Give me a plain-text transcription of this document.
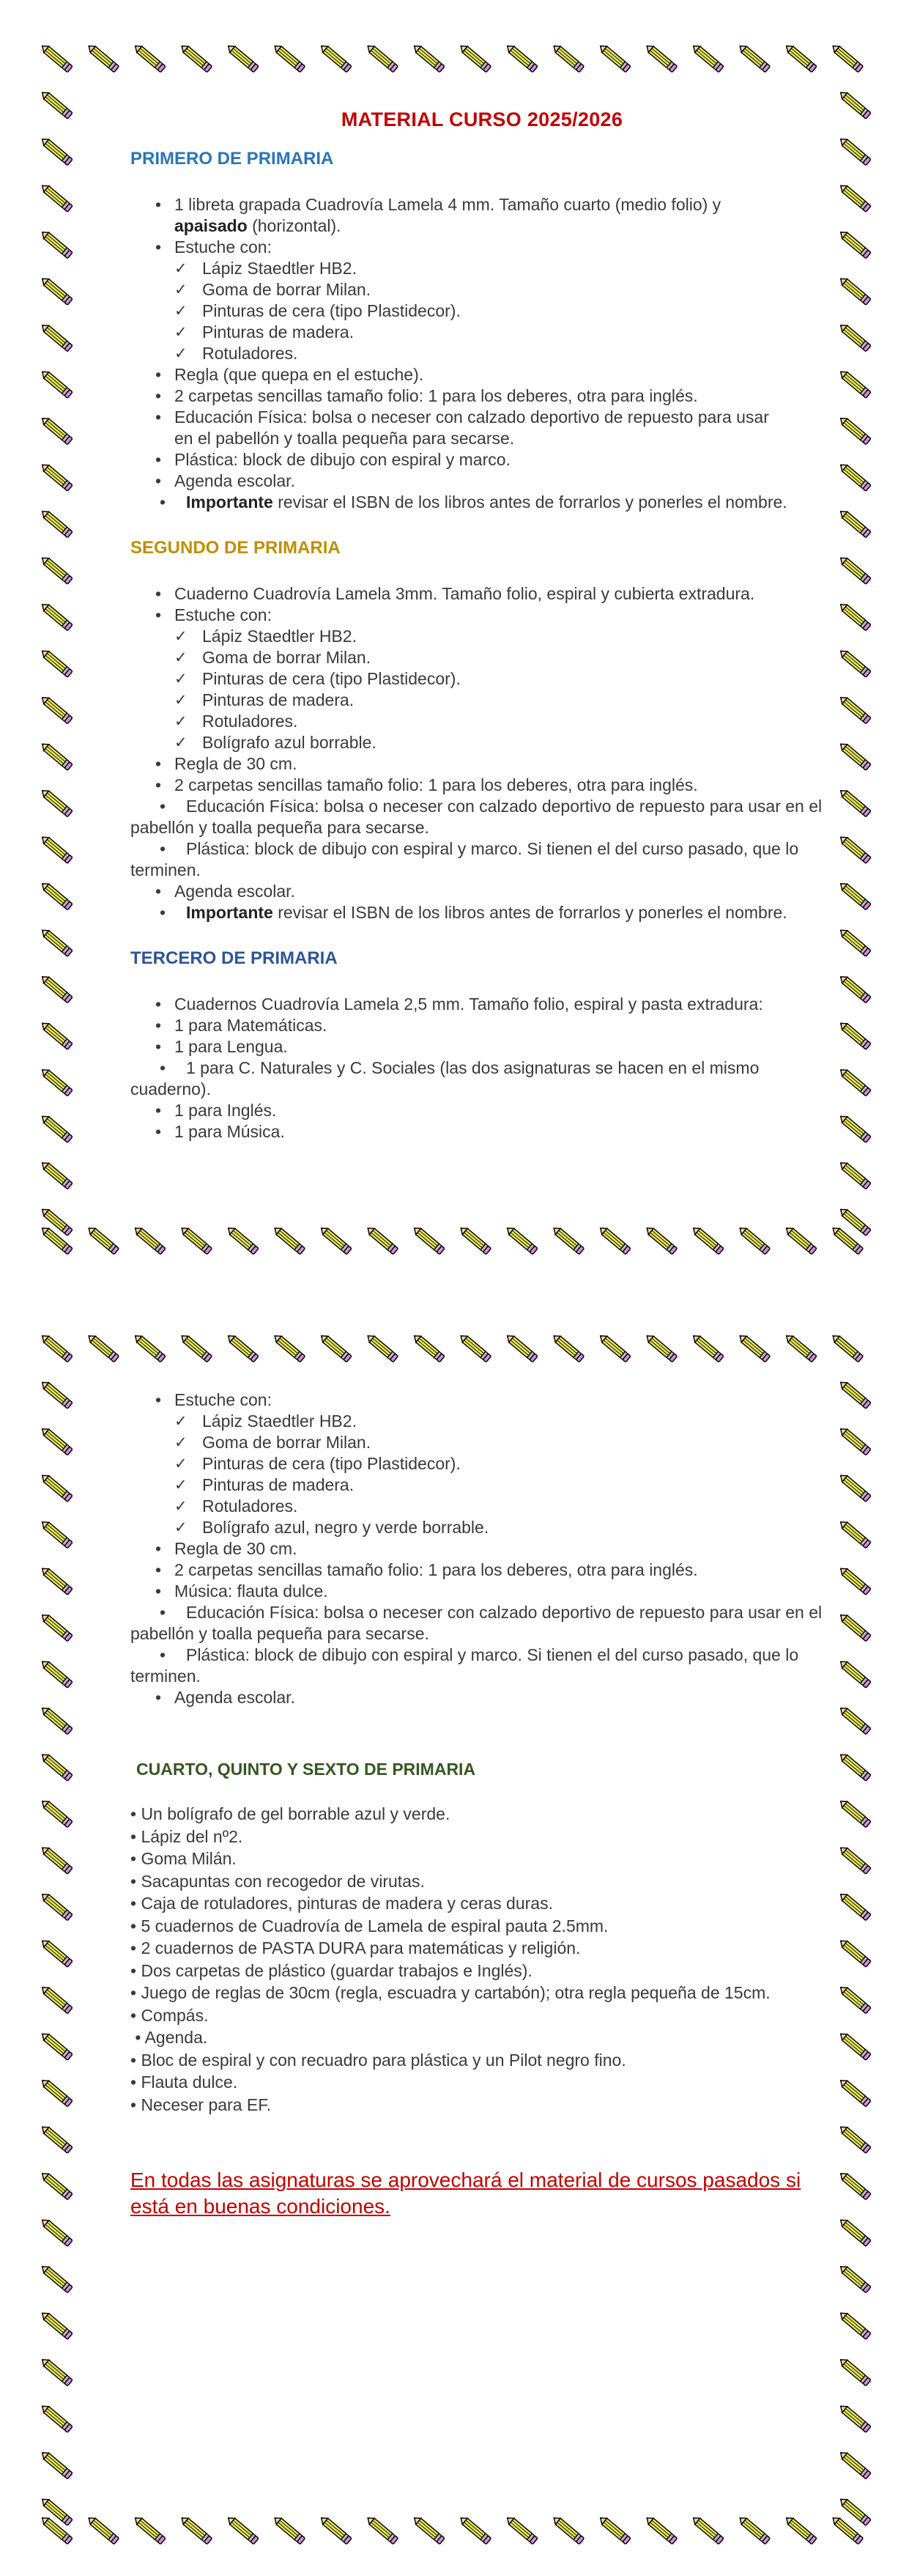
MATERIAL CURSO 2025/2026
PRIMERO DE PRIMARIA
• 1 libreta grapada Cuadrovía Lamela 4 mm. Tamaño cuarto (medio folio) y
apaisado (horizontal).
• Estuche con:
✓ Lápiz Staedtler HB2.
✓ Goma de borrar Milan.
✓ Pinturas de cera (tipo Plastidecor).
✓ Pinturas de madera.
✓ Rotuladores.
• Regla (que quepa en el estuche).
• 2 carpetas sencillas tamaño folio: 1 para los deberes, otra para inglés.
• Educación Física: bolsa o neceser con calzado deportivo de repuesto para usar
en el pabellón y toalla pequeña para secarse.
• Plástica: block de dibujo con espiral y marco.
• Agenda escolar.
• Importante revisar el ISBN de los libros antes de forrarlos y ponerles el nombre.
SEGUNDO DE PRIMARIA
• Cuaderno Cuadrovía Lamela 3mm. Tamaño folio, espiral y cubierta extradura.
• Estuche con:
✓ Lápiz Staedtler HB2.
✓ Goma de borrar Milan.
✓ Pinturas de cera (tipo Plastidecor).
✓ Pinturas de madera.
✓ Rotuladores.
✓ Bolígrafo azul borrable.
• Regla de 30 cm.
• 2 carpetas sencillas tamaño folio: 1 para los deberes, otra para inglés.
• Educación Física: bolsa o neceser con calzado deportivo de repuesto para usar en el pabellón y toalla pequeña para secarse.
• Plástica: block de dibujo con espiral y marco. Si tienen el del curso pasado, que lo terminen.
• Agenda escolar.
• Importante revisar el ISBN de los libros antes de forrarlos y ponerles el nombre.
TERCERO DE PRIMARIA
• Cuadernos Cuadrovía Lamela 2,5 mm. Tamaño folio, espiral y pasta extradura:
• 1 para Matemáticas.
• 1 para Lengua.
• 1 para C. Naturales y C. Sociales (las dos asignaturas se hacen en el mismo cuaderno).
• 1 para Inglés.
• 1 para Música.
• Estuche con:
✓ Lápiz Staedtler HB2.
✓ Goma de borrar Milan.
✓ Pinturas de cera (tipo Plastidecor).
✓ Pinturas de madera.
✓ Rotuladores.
✓ Bolígrafo azul, negro y verde borrable.
• Regla de 30 cm.
• 2 carpetas sencillas tamaño folio: 1 para los deberes, otra para inglés.
• Música: flauta dulce.
• Educación Física: bolsa o neceser con calzado deportivo de repuesto para usar en el pabellón y toalla pequeña para secarse.
• Plástica: block de dibujo con espiral y marco. Si tienen el del curso pasado, que lo terminen.
• Agenda escolar.
CUARTO, QUINTO Y SEXTO DE PRIMARIA
• Un bolígrafo de gel borrable azul y verde.
• Lápiz del nº2.
• Goma Milán.
• Sacapuntas con recogedor de virutas.
• Caja de rotuladores, pinturas de madera y ceras duras.
• 5 cuadernos de Cuadrovía de Lamela de espiral pauta 2.5mm.
• 2 cuadernos de PASTA DURA para matemáticas y religión.
• Dos carpetas de plástico (guardar trabajos e Inglés).
• Juego de reglas de 30cm (regla, escuadra y cartabón); otra regla pequeña de 15cm.
• Compás.
• Agenda.
• Bloc de espiral y con recuadro para plástica y un Pilot negro fino.
• Flauta dulce.
• Neceser para EF.
En todas las asignaturas se aprovechará el material de cursos pasados si está en buenas condiciones.
